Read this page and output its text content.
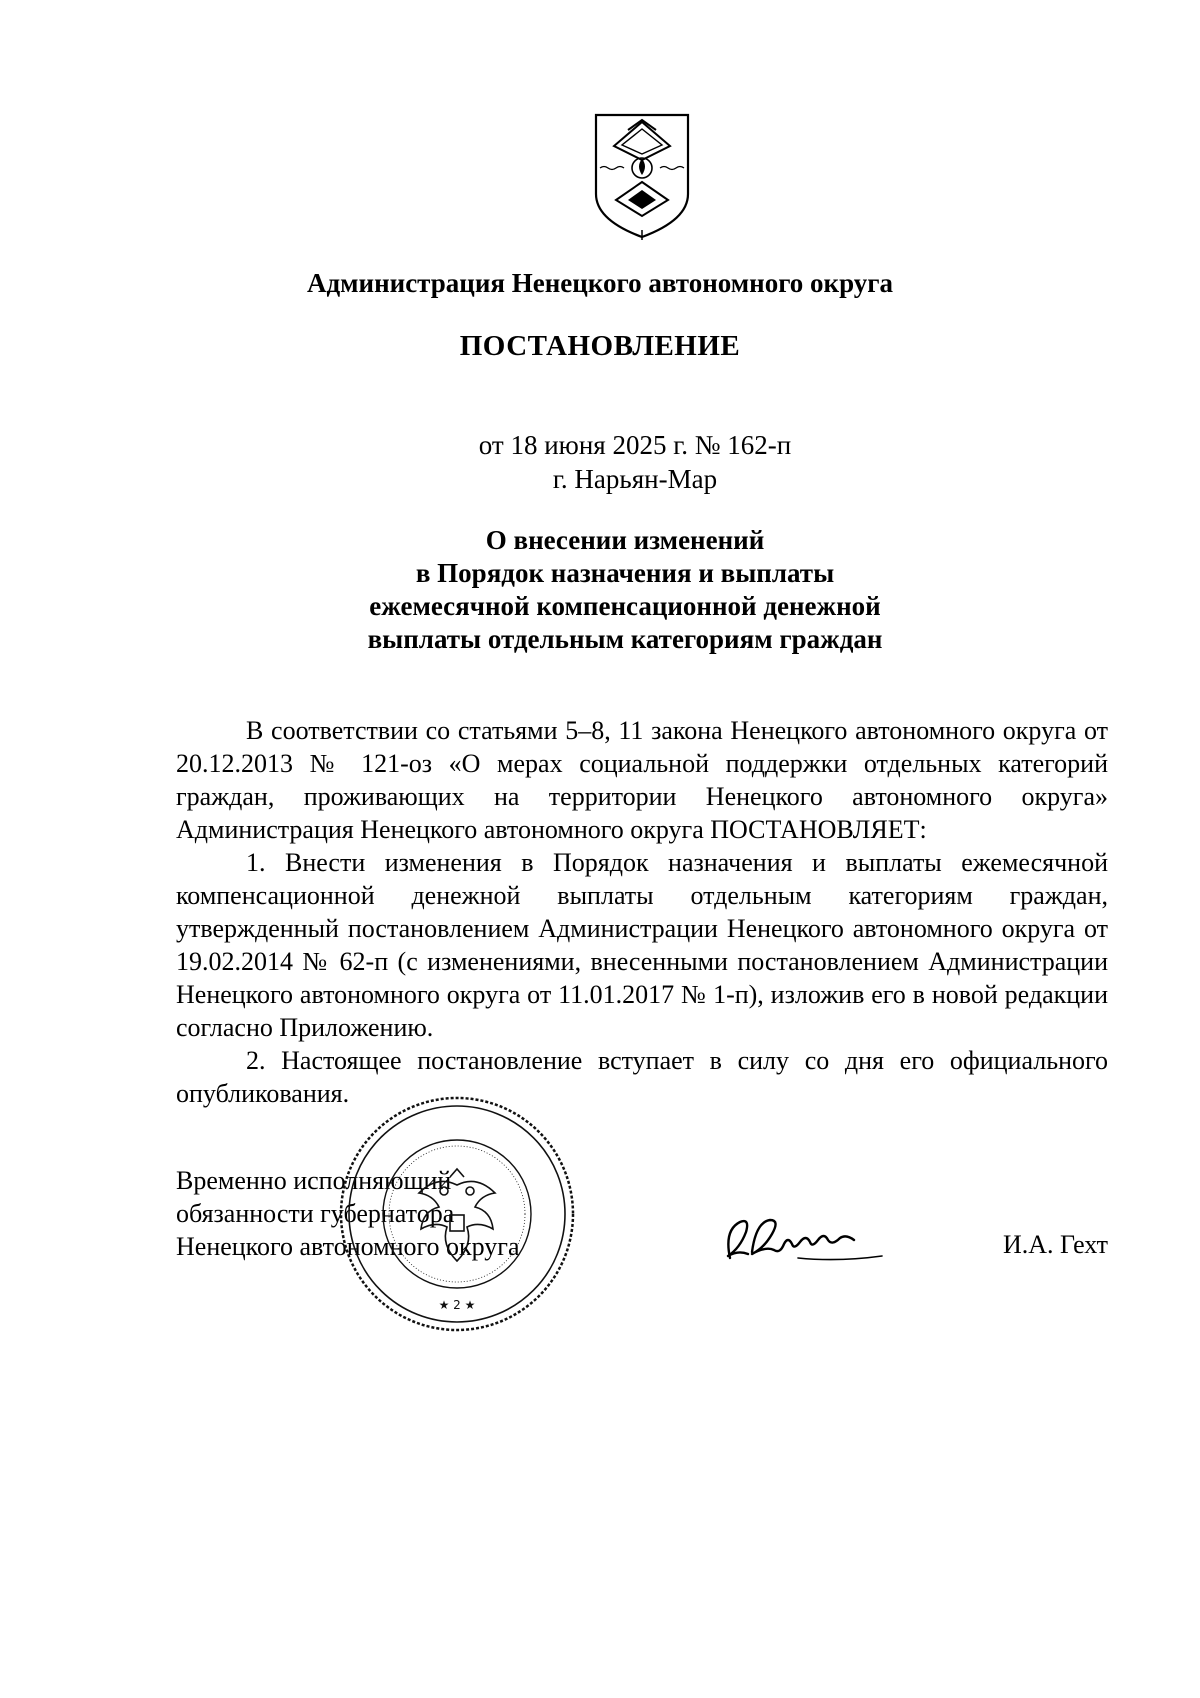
Администрация Ненецкого автономного округа
ПОСТАНОВЛЕНИЕ
от 18 июня 2025 г. № 162-п
г. Нарьян-Мар
О внесении изменений
в Порядок назначения и выплаты
ежемесячной компенсационной денежной
выплаты отдельным категориям граждан

В соответствии со статьями 5–8, 11 закона Ненецкого автономного округа от 20.12.2013 № 121-оз «О мерах социальной поддержки отдельных категорий граждан, проживающих на территории Ненецкого автономного округа» Администрация Ненецкого автономного округа ПОСТАНОВЛЯЕТ:

1. Внести изменения в Порядок назначения и выплаты ежемесячной компенсационной денежной выплаты отдельным категориям граждан, утвержденный постановлением Администрации Ненецкого автономного округа от 19.02.2014 № 62-п (с изменениями, внесенными постановлением Администрации Ненецкого автономного округа от 11.01.2017 № 1-п), изложив его в новой редакции согласно Приложению.

2. Настоящее постановление вступает в силу со дня его официального опубликования.

Временно исполняющий
обязанности губернатора
Ненецкого автономного округа
★ 2 ★
И.А. Гехт
